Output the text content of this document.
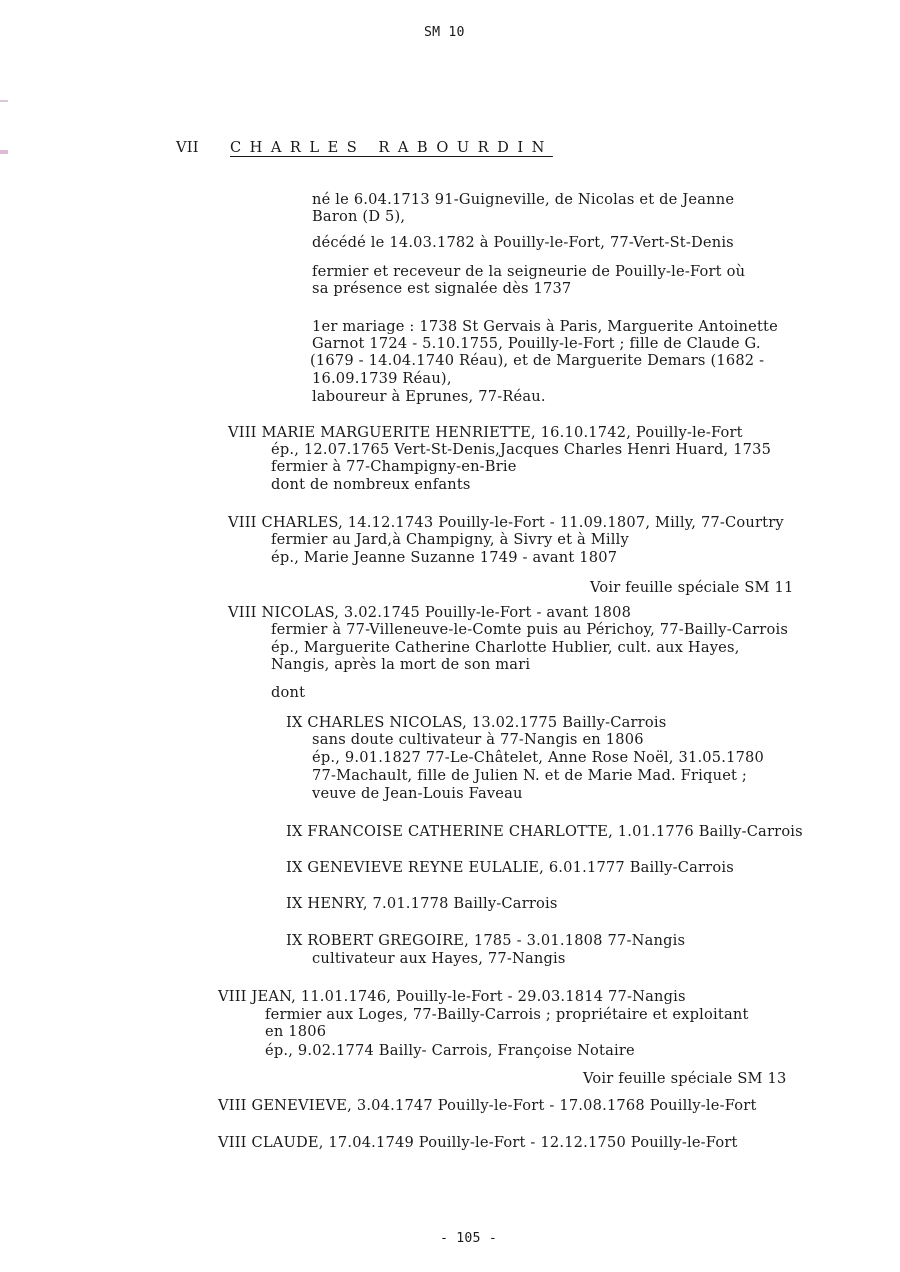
SM 10
VII CHARLES RABOURDIN
né le 6.04.1713 91-Guigneville, de Nicolas et de Jeanne
Baron (D 5),
décédé le 14.03.1782 à Pouilly-le-Fort, 77-Vert-St-Denis
fermier et receveur de la seigneurie de Pouilly-le-Fort où
sa présence est signalée dès 1737
1er mariage : 1738 St Gervais à Paris, Marguerite Antoinette
Garnot 1724 - 5.10.1755, Pouilly-le-Fort ; fille de Claude G.
(1679 - 14.04.1740 Réau), et de Marguerite Demars (1682 -
16.09.1739 Réau),
laboureur à Eprunes, 77-Réau.
VIII MARIE MARGUERITE HENRIETTE, 16.10.1742, Pouilly-le-Fort
ép., 12.07.1765 Vert-St-Denis,Jacques Charles Henri Huard, 1735
fermier à 77-Champigny-en-Brie
dont de nombreux enfants
VIII CHARLES, 14.12.1743 Pouilly-le-Fort - 11.09.1807, Milly, 77-Courtry
fermier au Jard,à Champigny, à Sivry et à Milly
ép., Marie Jeanne Suzanne 1749 - avant 1807
Voir feuille spéciale SM 11
VIII NICOLAS, 3.02.1745 Pouilly-le-Fort - avant 1808
fermier à 77-Villeneuve-le-Comte puis au Périchoy, 77-Bailly-Carrois
ép., Marguerite Catherine Charlotte Hublier, cult. aux Hayes,
Nangis, après la mort de son mari
dont
IX CHARLES NICOLAS, 13.02.1775 Bailly-Carrois
sans doute cultivateur à 77-Nangis en 1806
ép., 9.01.1827 77-Le-Châtelet, Anne Rose Noël, 31.05.1780
77-Machault, fille de Julien N. et de Marie Mad. Friquet ;
veuve de Jean-Louis Faveau
IX FRANCOISE CATHERINE CHARLOTTE, 1.01.1776 Bailly-Carrois
IX GENEVIEVE REYNE EULALIE, 6.01.1777 Bailly-Carrois
IX HENRY, 7.01.1778 Bailly-Carrois
IX ROBERT GREGOIRE, 1785 - 3.01.1808 77-Nangis
cultivateur aux Hayes, 77-Nangis
VIII JEAN, 11.01.1746, Pouilly-le-Fort - 29.03.1814 77-Nangis
fermier aux Loges, 77-Bailly-Carrois ; propriétaire et exploitant
en 1806
ép., 9.02.1774 Bailly- Carrois, Françoise Notaire
Voir feuille spéciale SM 13
VIII GENEVIEVE, 3.04.1747 Pouilly-le-Fort - 17.08.1768 Pouilly-le-Fort
VIII CLAUDE, 17.04.1749 Pouilly-le-Fort - 12.12.1750 Pouilly-le-Fort
- 105 -
